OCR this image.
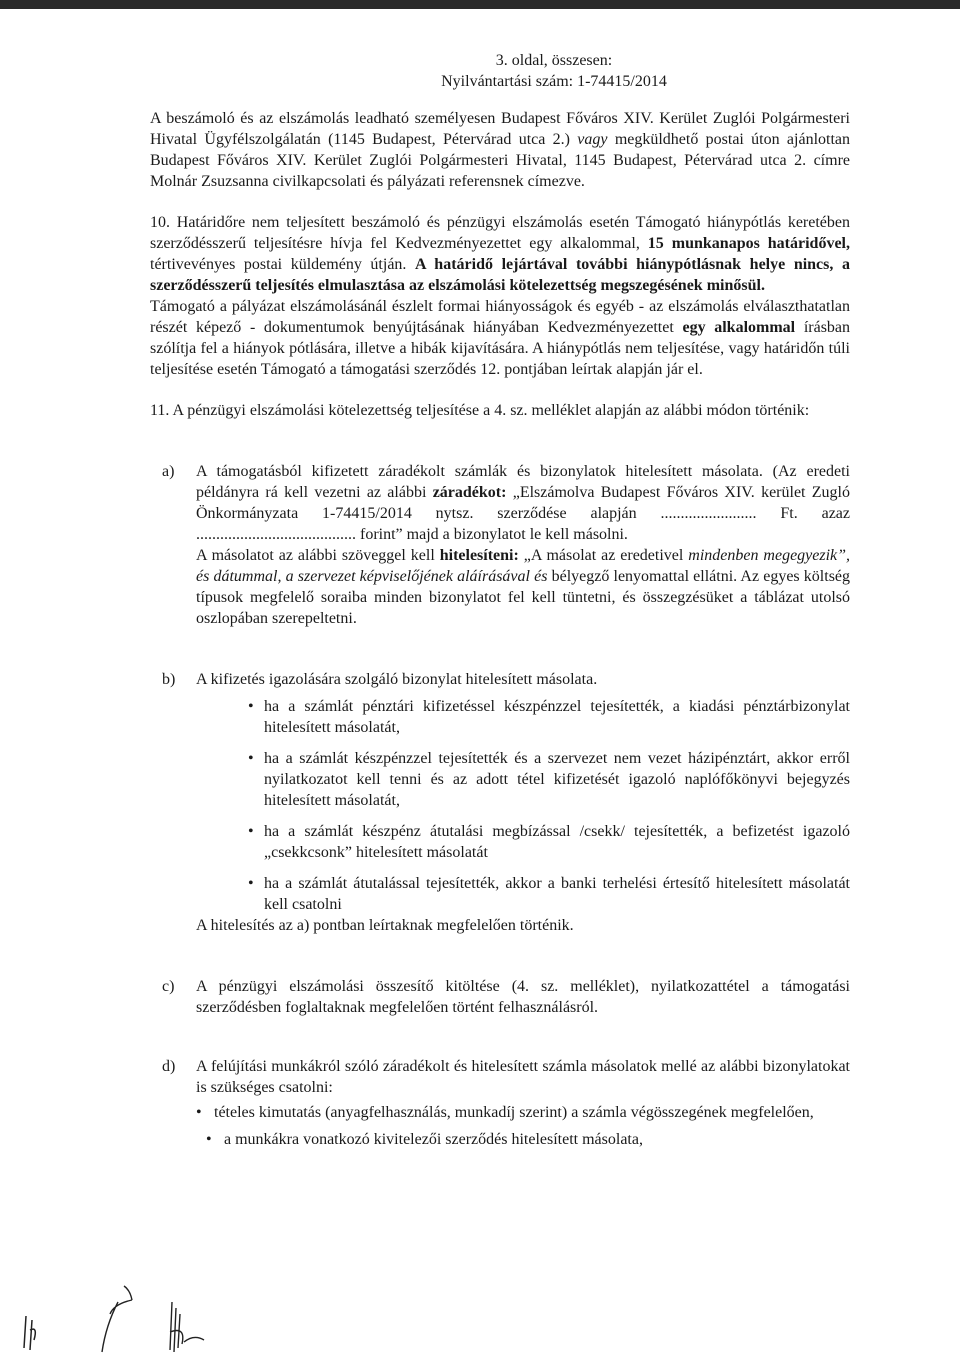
3. oldal, összesen:
Nyilvántartási szám: 1-74415/2014

A beszámoló és az elszámolás leadható személyesen Budapest Főváros XIV. Kerület Zuglói Polgármesteri Hivatal Ügyfélszolgálatán (1145 Budapest, Pétervárad utca 2.) vagy megküldhető postai úton ajánlottan Budapest Főváros XIV. Kerület Zuglói Polgármesteri Hivatal, 1145 Budapest, Pétervárad utca 2. címre Molnár Zsuzsanna civilkapcsolati és pályázati referensnek címezve.

10. Határidőre nem teljesített beszámoló és pénzügyi elszámolás esetén Támogató hiánypótlás keretében szerződésszerű teljesítésre hívja fel Kedvezményezettet egy alkalommal, 15 munkanapos határidővel, tértivevényes postai küldemény útján. A határidő lejártával további hiánypótlásnak helye nincs, a szerződésszerű teljesítés elmulasztása az elszámolási kötelezettség megszegésének minősül.

Támogató a pályázat elszámolásánál észlelt formai hiányosságok és egyéb - az elszámolás elválaszthatatlan részét képező - dokumentumok benyújtásának hiányában Kedvezményezettet egy alkalommal írásban szólítja fel a hiányok pótlására, illetve a hibák kijavítására. A hiánypótlás nem teljesítése, vagy határidőn túli teljesítése esetén Támogató a támogatási szerződés 12. pontjában leírtak alapján jár el.

11. A pénzügyi elszámolási kötelezettség teljesítése a 4. sz. melléklet alapján az alábbi módon történik:

a) A támogatásból kifizetett záradékolt számlák és bizonylatok hitelesített másolata. (Az eredeti példányra rá kell vezetni az alábbi záradékot: „Elszámolva Budapest Főváros XIV. kerület Zugló Önkormányzata 1-74415/2014 nytsz. szerződése alapján ........................ Ft. azaz ........................................ forint” majd a bizonylatot le kell másolni.

A másolatot az alábbi szöveggel kell hitelesíteni: „A másolat az eredetivel mindenben megegyezik”, és dátummal, a szervezet képviselőjének aláírásával és bélyegző lenyomattal ellátni. Az egyes költség típusok megfelelő soraiba minden bizonylatot fel kell tüntetni, és összegzésüket a táblázat utolsó oszlopában szerepeltetni.

b) A kifizetés igazolására szolgáló bizonylat hitelesített másolata.

• ha a számlát pénztári kifizetéssel készpénzzel tejesítették, a kiadási pénztárbizonylat hitelesített másolatát,

• ha a számlát készpénzzel tejesítették és a szervezet nem vezet házipénztárt, akkor erről nyilatkozatot kell tenni és az adott tétel kifizetését igazoló naplófőkönyvi bejegyzés hitelesített másolatát,

• ha a számlát készpénz átutalási megbízással /csekk/ tejesítették, a befizetést igazoló „csekkcsonk” hitelesített másolatát

• ha a számlát átutalással tejesítették, akkor a banki terhelési értesítő hitelesített másolatát kell csatolni

A hitelesítés az a) pontban leírtaknak megfelelően történik.

c) A pénzügyi elszámolási összesítő kitöltése (4. sz. melléklet), nyilatkozattétel a támogatási szerződésben foglaltaknak megfelelően történt felhasználásról.

d) A felújítási munkákról szóló záradékolt és hitelesített számla másolatok mellé az alábbi bizonylatokat is szükséges csatolni:

• tételes kimutatás (anyagfelhasználás, munkadíj szerint) a számla végösszegének megfelelően,

• a munkákra vonatkozó kivitelezői szerződés hitelesített másolata,
